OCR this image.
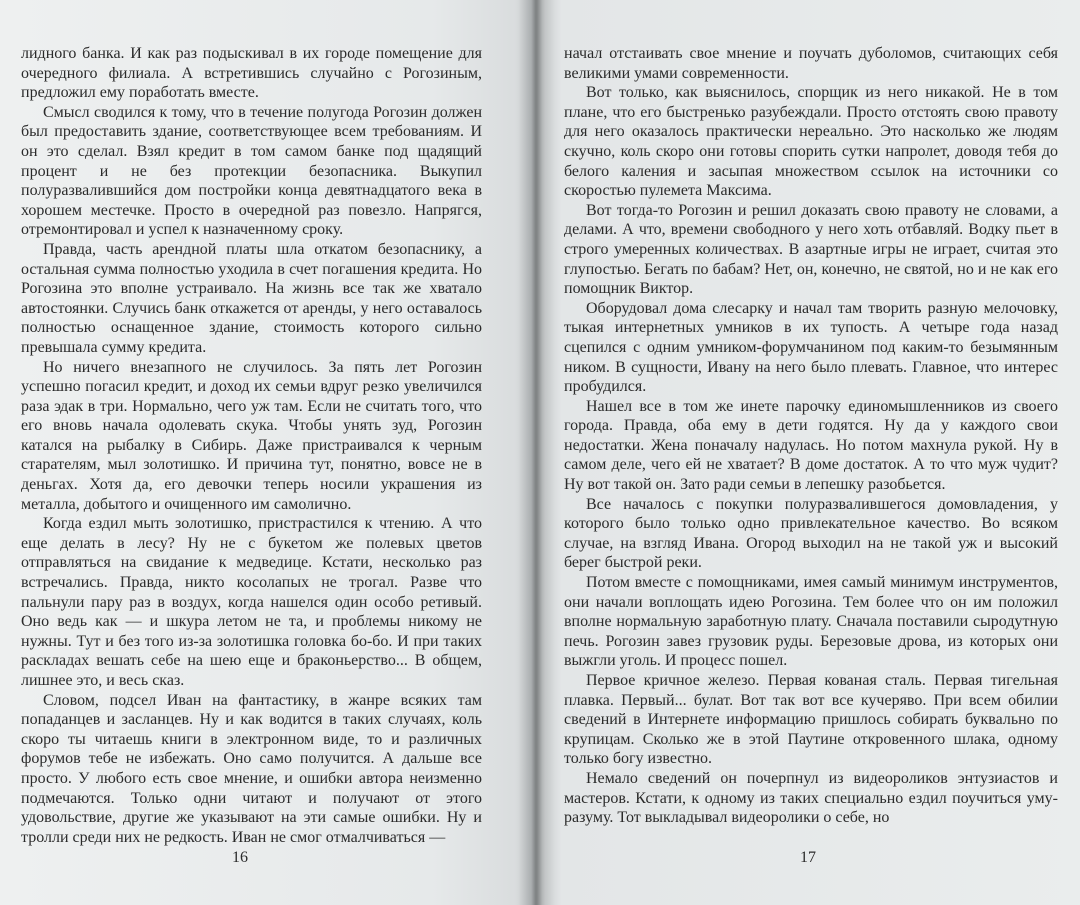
лидного банка. И как раз подыскивал в их городе помещение для очередного филиала. А встретившись случайно с Рогозиным, предложил ему поработать вместе.

Смысл сводился к тому, что в течение полугода Рогозин должен был предоставить здание, соответствующее всем требованиям. И он это сделал. Взял кредит в том самом банке под щадящий процент и не без протекции безопасника. Выкупил полуразвалившийся дом постройки конца девятнадцатого века в хорошем местечке. Просто в очередной раз повезло. Напрягся, отремонтировал и успел к назначенному сроку.

Правда, часть арендной платы шла откатом безопаснику, а остальная сумма полностью уходила в счет погашения кредита. Но Рогозина это вполне устраивало. На жизнь все так же хватало автостоянки. Случись банк откажется от аренды, у него оставалось полностью оснащенное здание, стоимость которого сильно превышала сумму кредита.

Но ничего внезапного не случилось. За пять лет Рогозин успешно погасил кредит, и доход их семьи вдруг резко увеличился раза эдак в три. Нормально, чего уж там. Если не считать того, что его вновь начала одолевать скука. Чтобы унять зуд, Рогозин катался на рыбалку в Сибирь. Даже пристраивался к черным старателям, мыл золотишко. И причина тут, понятно, вовсе не в деньгах. Хотя да, его девочки теперь носили украшения из металла, добытого и очищенного им самолично.

Когда ездил мыть золотишко, пристрастился к чтению. А что еще делать в лесу? Ну не с букетом же полевых цветов отправляться на свидание к медведице. Кстати, несколько раз встречались. Правда, никто косолапых не трогал. Разве что пальнули пару раз в воздух, когда нашелся один особо ретивый. Оно ведь как — и шкура летом не та, и проблемы никому не нужны. Тут и без того из-за золотишка головка бо-бо. И при таких раскладах вешать себе на шею еще и браконьерство... В общем, лишнее это, и весь сказ.

Словом, подсел Иван на фантастику, в жанре всяких там попаданцев и засланцев. Ну и как водится в таких случаях, коль скоро ты читаешь книги в электронном виде, то и различных форумов тебе не избежать. Оно само получится. А дальше все просто. У любого есть свое мнение, и ошибки автора неизменно подмечаются. Только одни читают и получают от этого удовольствие, другие же указывают на эти самые ошибки. Ну и тролли среди них не редкость. Иван не смог отмалчиваться —

16

начал отстаивать свое мнение и поучать дуболомов, считающих себя великими умами современности.

Вот только, как выяснилось, спорщик из него никакой. Не в том плане, что его быстренько разубеждали. Просто отстоять свою правоту для него оказалось практически нереально. Это насколько же людям скучно, коль скоро они готовы спорить сутки напролет, доводя тебя до белого каления и засыпая множеством ссылок на источники со скоростью пулемета Максима.

Вот тогда-то Рогозин и решил доказать свою правоту не словами, а делами. А что, времени свободного у него хоть отбавляй. Водку пьет в строго умеренных количествах. В азартные игры не играет, считая это глупостью. Бегать по бабам? Нет, он, конечно, не святой, но и не как его помощник Виктор.

Оборудовал дома слесарку и начал там творить разную мелочовку, тыкая интернетных умников в их тупость. А четыре года назад сцепился с одним умником-форумчанином под каким-то безымянным ником. В сущности, Ивану на него было плевать. Главное, что интерес пробудился.

Нашел все в том же инете парочку единомышленников из своего города. Правда, оба ему в дети годятся. Ну да у каждого свои недостатки. Жена поначалу надулась. Но потом махнула рукой. Ну в самом деле, чего ей не хватает? В доме достаток. А то что муж чудит? Ну вот такой он. Зато ради семьи в лепешку разобьется.

Все началось с покупки полуразвалившегося домовладения, у которого было только одно привлекательное качество. Во всяком случае, на взгляд Ивана. Огород выходил на не такой уж и высокий берег быстрой реки.

Потом вместе с помощниками, имея самый минимум инструментов, они начали воплощать идею Рогозина. Тем более что он им положил вполне нормальную заработную плату. Сначала поставили сыродутную печь. Рогозин завез грузовик руды. Березовые дрова, из которых они выжгли уголь. И процесс пошел.

Первое кричное железо. Первая кованая сталь. Первая тигельная плавка. Первый... булат. Вот так вот все кучеряво. При всем обилии сведений в Интернете информацию пришлось собирать буквально по крупицам. Сколько же в этой Паутине откровенного шлака, одному только богу известно.

Немало сведений он почерпнул из видеороликов энтузиастов и мастеров. Кстати, к одному из таких специально ездил поучиться уму-разуму. Тот выкладывал видеоролики о себе, но

17
